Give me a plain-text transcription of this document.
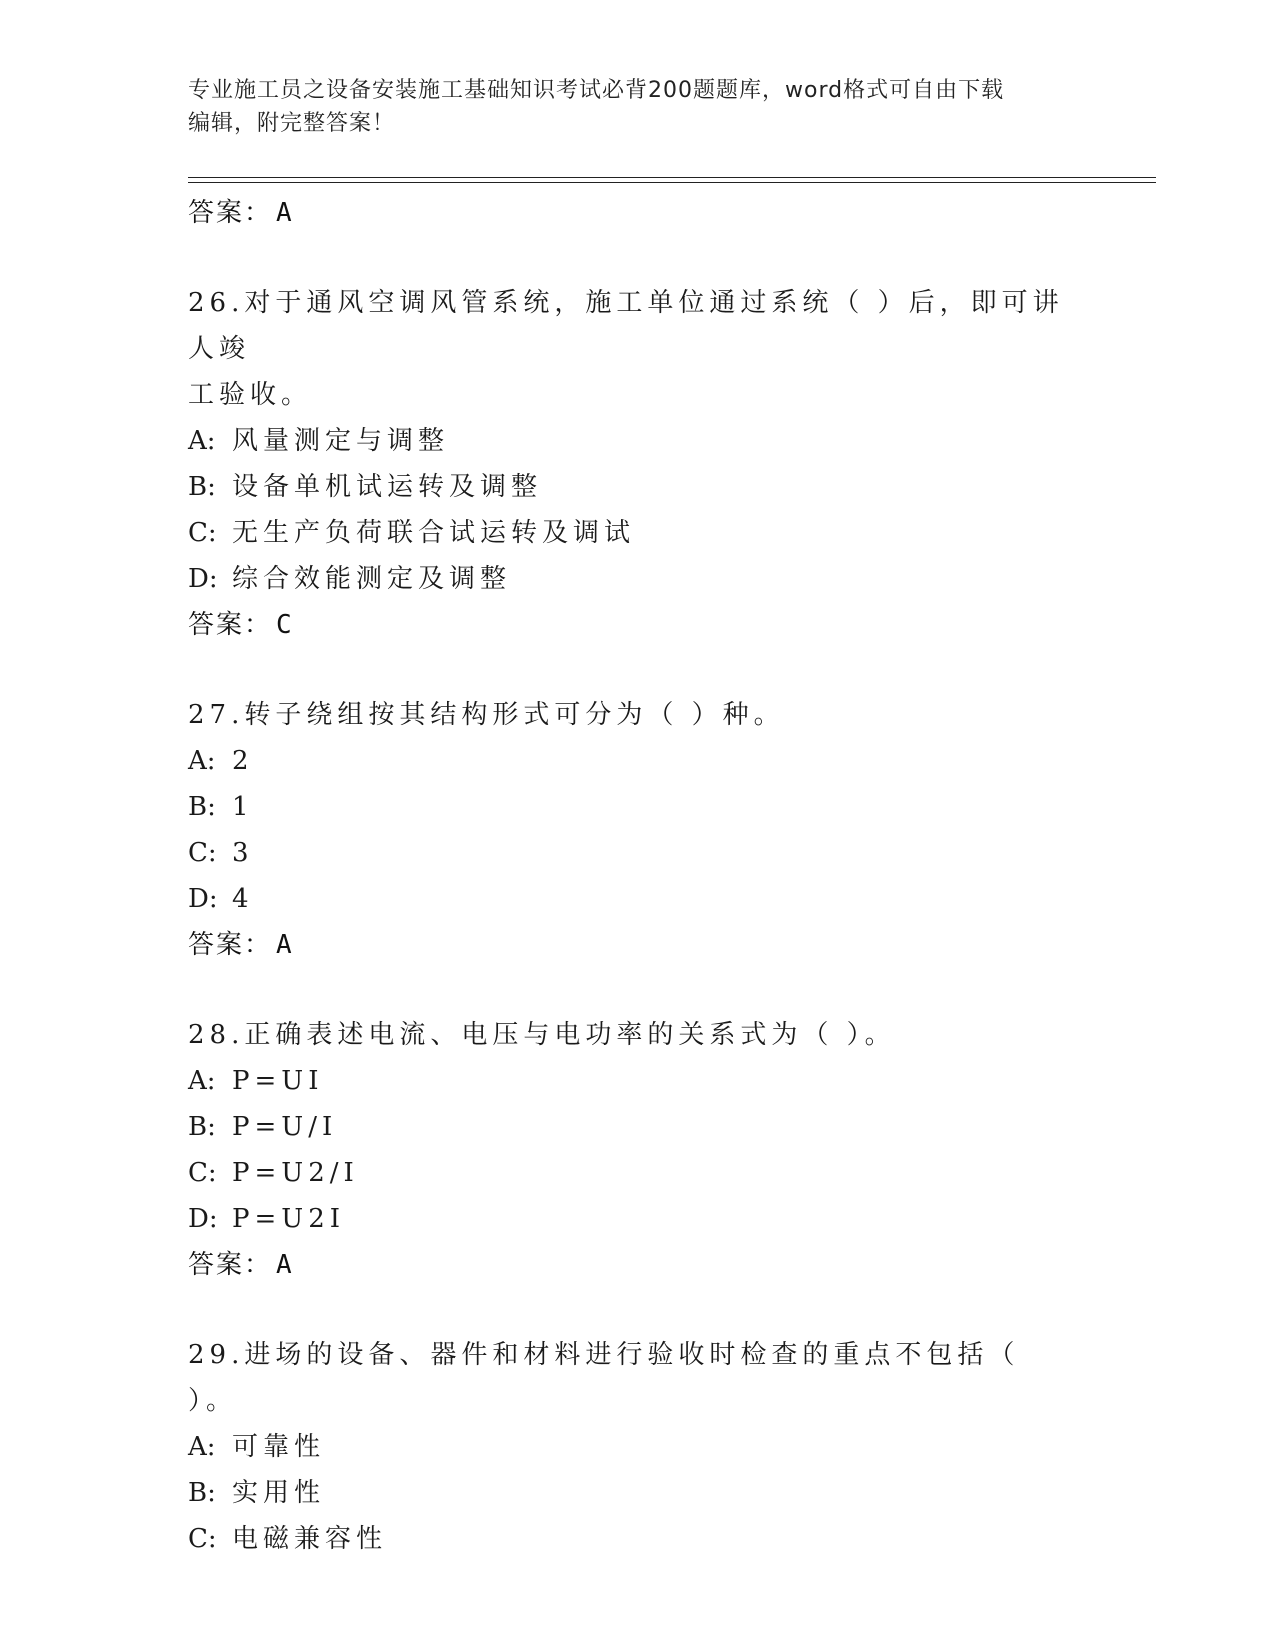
专业施工员之设备安装施工基础知识考试必背200题题库，word格式可自由下载
编辑，附完整答案！
答案： A
26.对于通风空调风管系统，施工单位通过系统（ ）后，即可讲人竣
工验收。
A: 风量测定与调整
B: 设备单机试运转及调整
C: 无生产负荷联合试运转及调试
D: 综合效能测定及调整
答案： C
27.转子绕组按其结构形式可分为（ ）种。
A: 2
B: 1
C: 3
D: 4
答案： A
28.正确表述电流、电压与电功率的关系式为（ ）。
A: P=UI
B: P=U/I
C: P=U2/I
D: P=U2I
答案： A
29.进场的设备、器件和材料进行验收时检查的重点不包括（ ）。
A: 可靠性
B: 实用性
C: 电磁兼容性
